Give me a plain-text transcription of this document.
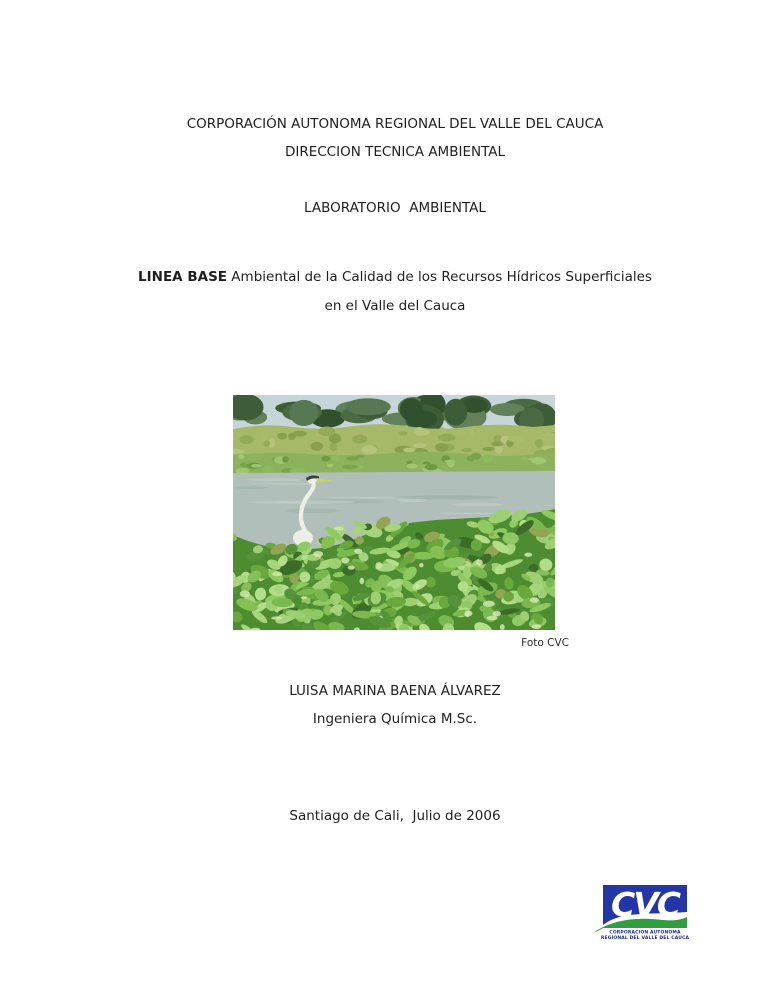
CORPORACIÓN AUTONOMA REGIONAL DEL VALLE DEL CAUCA
DIRECCION TECNICA AMBIENTAL
LABORATORIO  AMBIENTAL
LINEA BASE Ambiental de la Calidad de los Recursos Hídricos Superficiales
en el Valle del Cauca
Foto CVC
LUISA MARINA BAENA ÁLVAREZ
Ingeniera Química M.Sc.
Santiago de Cali,  Julio de 2006
CVC
CORPORACION AUTONOMA
REGIONAL DEL VALLE DEL CAUCA
